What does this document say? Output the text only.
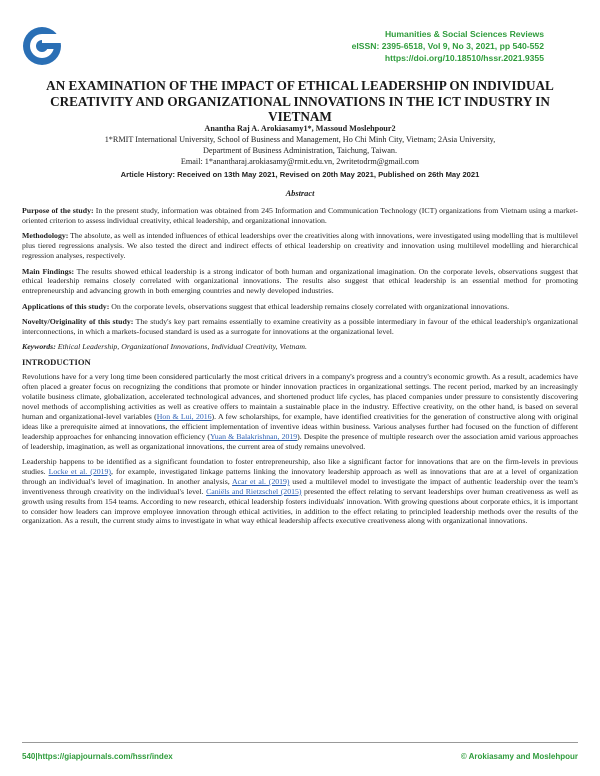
Humanities & Social Sciences Reviews
eISSN: 2395-6518, Vol 9, No 3, 2021, pp 540-552
https://doi.org/10.18510/hssr.2021.9355
AN EXAMINATION OF THE IMPACT OF ETHICAL LEADERSHIP ON INDIVIDUAL CREATIVITY AND ORGANIZATIONAL INNOVATIONS IN THE ICT INDUSTRY IN VIETNAM
Anantha Raj A. Arokiasamy1*, Massoud Moslehpour2
1*RMIT International University, School of Business and Management, Ho Chi Minh City, Vietnam; 2Asia University,
Department of Business Administration, Taichung, Taiwan.
Email: 1*anantharaj.arokiasamy@rmit.edu.vn, 2writetodrm@gmail.com
Article History: Received on 13th May 2021, Revised on 20th May 2021, Published on 26th May 2021
Abstract

Purpose of the study: In the present study, information was obtained from 245 Information and Communication Technology (ICT) organizations from Vietnam using a market-oriented criterion to assess individual creativity, ethical leadership, and organizational innovation.

Methodology: The absolute, as well as intended influences of ethical leaderships over the creativities along with innovations, were investigated using modelling that is multilevel plus tiered regressions analysis. We also tested the direct and indirect effects of ethical leadership on creativity and innovation using multilevel modelling and hierarchical regression analyses, respectively.

Main Findings: The results showed ethical leadership is a strong indicator of both human and organizational imagination. On the corporate levels, observations suggest that ethical leadership remains closely correlated with organizational innovations. The results also suggest that ethical leadership is an essential method for promoting entrepreneurship and advancing growth in both emerging countries and newly developed industries.

Applications of this study: On the corporate levels, observations suggest that ethical leadership remains closely correlated with organizational innovations.

Novelty/Originality of this study: The study's key part remains essentially to examine creativity as a possible intermediary in favour of the ethical leadership's organizational interconnections, in which a markets-focused standard is used as a surrogate for innovations at the organizational level.

Keywords: Ethical Leadership, Organizational Innovations, Individual Creativity, Vietnam.

INTRODUCTION

Revolutions have for a very long time been considered particularly the most critical drivers in a company's progress and a country's economic growth. As a result, academics have often placed a greater focus on recognizing the conditions that promote or hinder innovation practices in organizational settings. The recent period, marked by an increasingly volatile business climate, globalization, accelerated technological advances, and shortened product life cycles, has placed companies under pressure to consistently discovering novel methods of accomplishing activities as well as creative offers to maintain a sustainable place in the industry. Effective creativity, on the other hand, is based on several human and organizational-level variables (Hon & Lui, 2016). A few scholarships, for example, have identified creativities for the generation of constructive along with original ideas like a prerequisite aimed at innovations, the efficient implementation of inventive ideas within business. Various analyses further had focused on the function of different leadership approaches for enhancing innovation efficiency (Yuan & Balakrishnan, 2019). Despite the presence of multiple research over the association amid various approaches of leadership, imagination, as well as organizational innovations, the current area of study remains unevolved.

Leadership happens to be identified as a significant foundation to foster entrepreneurship, also like a significant factor for innovations that are on the firm-levels in previous studies. Locke et al. (2019), for example, investigated linkage patterns linking the innovatory leadership approach as well as innovations that are at a level of organization through an individual's level of imagination. In another analysis, Acar et al. (2019) used a multilevel model to investigate the impact of authentic leadership over the team's inventiveness through creativity on the individual's level. Caniëls and Rietzschel (2015) presented the effect relating to servant leaderships over human creativeness as well as growth using results from 154 teams. According to new research, ethical leadership fosters individuals' innovation. With growing questions about corporate ethics, it is important to consider how leaders can improve employee innovation through ethical activities, in addition to the effect relating to principled leadership methods over the results of the organization. As a result, the current study aims to investigate in what way ethical leadership affects executive creativeness along with organizational innovations.

540|https://giapjournals.com/hssr/index	© Arokiasamy and Moslehpour
